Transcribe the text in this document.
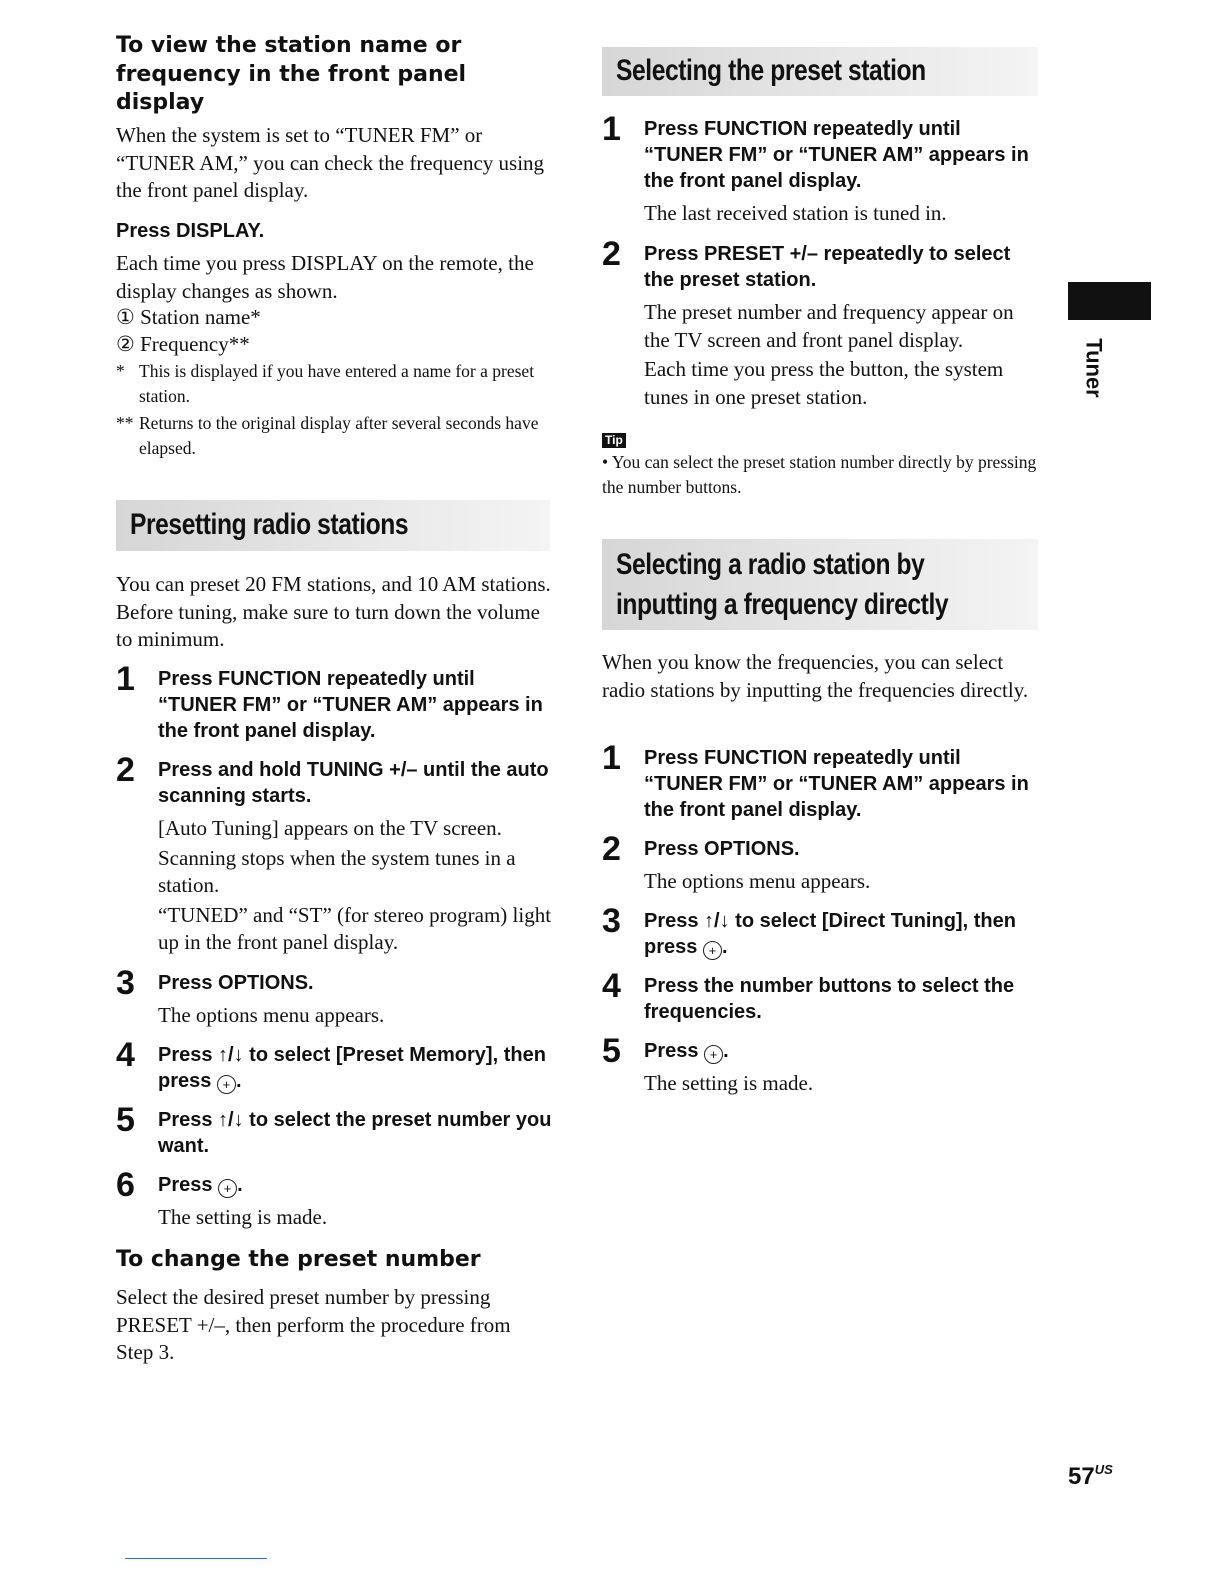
To view the station name or frequency in the front panel display

When the system is set to “TUNER FM” or “TUNER AM,” you can check the frequency using the front panel display.

Press DISPLAY.

Each time you press DISPLAY on the remote, the display changes as shown.

① Station name*

② Frequency**

* This is displayed if you have entered a name for a preset station.
** Returns to the original display after several seconds have elapsed.
Presetting radio stations

You can preset 20 FM stations, and 10 AM stations. Before tuning, make sure to turn down the volume to minimum.

1	Press FUNCTION repeatedly until “TUNER FM” or “TUNER AM” appears in the front panel display.

2	Press and hold TUNING +/– until the auto scanning starts.

[Auto Tuning] appears on the TV screen.

Scanning stops when the system tunes in a station.

“TUNED” and “ST” (for stereo program) light up in the front panel display.

3	Press OPTIONS.

The options menu appears.

4	Press ↑/↓ to select [Preset Memory], then press + .

5	Press ↑/↓ to select the preset number you want.

6	Press + .

The setting is made.

To change the preset number

Select the desired preset number by pressing PRESET +/–, then perform the procedure from Step 3.

Selecting the preset station
1	Press FUNCTION repeatedly until “TUNER FM” or “TUNER AM” appears in the front panel display.

The last received station is tuned in.

2	Press PRESET +/– repeatedly to select the preset station.

The preset number and frequency appear on the TV screen and front panel display.

Each time you press the button, the system tunes in one preset station.

Tip

• You can select the preset station number directly by pressing the number buttons.

Selecting a radio station by
inputting a frequency directly

When you know the frequencies, you can select radio stations by inputting the frequencies directly.

1	Press FUNCTION repeatedly until “TUNER FM” or “TUNER AM” appears in the front panel display.

2	Press OPTIONS.

The options menu appears.

3	Press ↑/↓ to select [Direct Tuning], then press + .

4	Press the number buttons to select the frequencies.

5	Press + .

The setting is made.

Tuner
$57^{US}$
